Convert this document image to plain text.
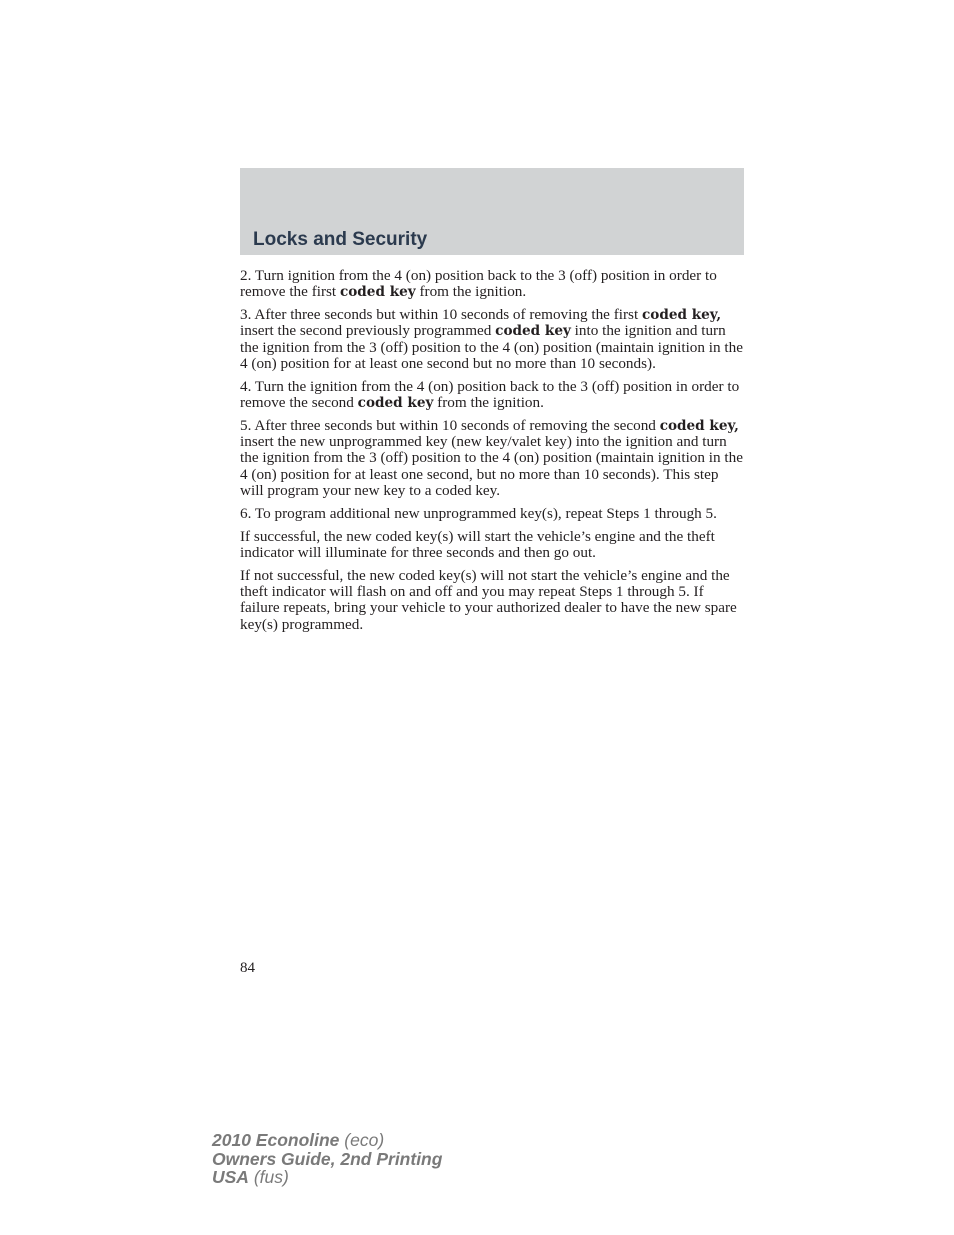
Locks and Security

2. Turn ignition from the 4 (on) position back to the 3 (off) position in order to remove the first coded key from the ignition.

3. After three seconds but within 10 seconds of removing the first coded key, insert the second previously programmed coded key into the ignition and turn the ignition from the 3 (off) position to the 4 (on) position (maintain ignition in the 4 (on) position for at least one second but no more than 10 seconds).

4. Turn the ignition from the 4 (on) position back to the 3 (off) position in order to remove the second coded key from the ignition.

5. After three seconds but within 10 seconds of removing the second coded key, insert the new unprogrammed key (new key/valet key) into the ignition and turn the ignition from the 3 (off) position to the 4 (on) position (maintain ignition in the 4 (on) position for at least one second, but no more than 10 seconds). This step will program your new key to a coded key.

6. To program additional new unprogrammed key(s), repeat Steps 1 through 5.

If successful, the new coded key(s) will start the vehicle’s engine and the theft indicator will illuminate for three seconds and then go out.

If not successful, the new coded key(s) will not start the vehicle’s engine and the theft indicator will flash on and off and you may repeat Steps 1 through 5. If failure repeats, bring your vehicle to your authorized dealer to have the new spare key(s) programmed.

84
2010 Econoline (eco)
Owners Guide, 2nd Printing
USA (fus)
